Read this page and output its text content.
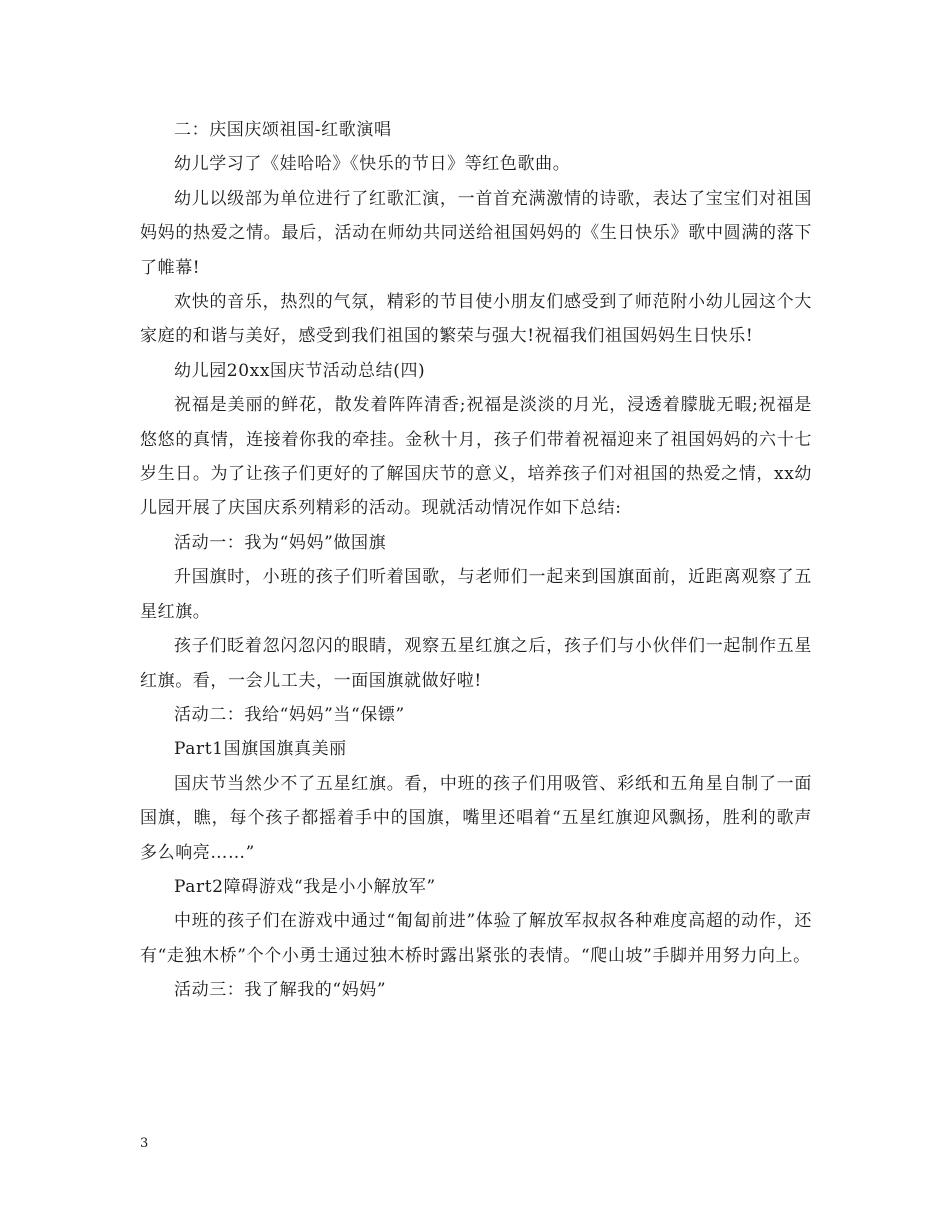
二：庆国庆颂祖国-红歌演唱

幼儿学习了《娃哈哈》《快乐的节日》等红色歌曲。

幼儿以级部为单位进行了红歌汇演，一首首充满激情的诗歌，表达了宝宝们对祖国妈妈的热爱之情。最后，活动在师幼共同送给祖国妈妈的《生日快乐》歌中圆满的落下了帷幕!

欢快的音乐，热烈的气氛，精彩的节目使小朋友们感受到了师范附小幼儿园这个大家庭的和谐与美好，感受到我们祖国的繁荣与强大!祝福我们祖国妈妈生日快乐!

幼儿园20xx国庆节活动总结(四)

祝福是美丽的鲜花，散发着阵阵清香;祝福是淡淡的月光，浸透着朦胧无暇;祝福是悠悠的真情，连接着你我的牵挂。金秋十月，孩子们带着祝福迎来了祖国妈妈的六十七岁生日。为了让孩子们更好的了解国庆节的意义，培养孩子们对祖国的热爱之情，xx幼儿园开展了庆国庆系列精彩的活动。现就活动情况作如下总结:

活动一：我为“妈妈”做国旗

升国旗时，小班的孩子们听着国歌，与老师们一起来到国旗面前，近距离观察了五星红旗。

孩子们眨着忽闪忽闪的眼睛，观察五星红旗之后，孩子们与小伙伴们一起制作五星红旗。看，一会儿工夫，一面国旗就做好啦!

活动二：我给“妈妈”当“保镖”

Part1国旗国旗真美丽

国庆节当然少不了五星红旗。看，中班的孩子们用吸管、彩纸和五角星自制了一面国旗，瞧，每个孩子都摇着手中的国旗，嘴里还唱着“五星红旗迎风飘扬，胜利的歌声多么响亮……”

Part2障碍游戏“我是小小解放军”

中班的孩子们在游戏中通过“匍匐前进”体验了解放军叔叔各种难度高超的动作，还有“走独木桥”个个小勇士通过独木桥时露出紧张的表情。“爬山坡”手脚并用努力向上。

活动三：我了解我的“妈妈”

3
